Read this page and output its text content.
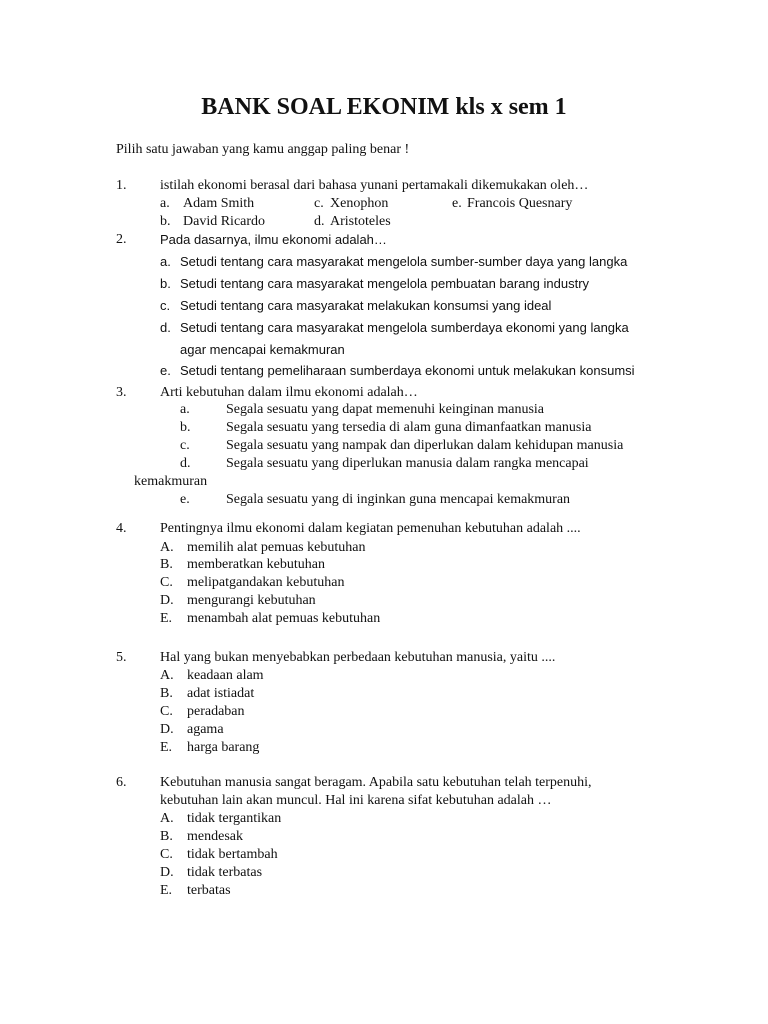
BANK SOAL EKONIM kls x sem 1
Pilih satu jawaban yang kamu anggap paling benar !
1. istilah ekonomi berasal dari bahasa yunani pertamakali dikemukakan oleh…
a. Adam Smith	c. Xenophon	e. Francois Quesnary
b. David Ricardo	d. Aristoteles
2.	Pada dasarnya, ilmu ekonomi adalah…
a. Setudi tentang cara masyarakat mengelola sumber-sumber daya yang langka
b. Setudi tentang cara masyarakat mengelola pembuatan barang industry
c. Setudi tentang cara masyarakat melakukan konsumsi yang ideal
d. Setudi tentang cara masyarakat mengelola sumberdaya ekonomi yang langka
agar mencapai kemakmuran
e. Setudi tentang pemeliharaan sumberdaya ekonomi untuk melakukan konsumsi
3. Arti kebutuhan dalam ilmu ekonomi adalah…
a.	Segala sesuatu yang dapat memenuhi keinginan manusia
b.	Segala sesuatu yang tersedia di alam guna dimanfaatkan manusia
c.	Segala sesuatu yang nampak dan diperlukan dalam kehidupan manusia
d.	Segala sesuatu yang diperlukan manusia dalam rangka mencapai
kemakmuran
e.	Segala sesuatu yang di inginkan guna mencapai kemakmuran
4. Pentingnya ilmu ekonomi dalam kegiatan pemenuhan kebutuhan adalah ....
A. memilih alat pemuas kebutuhan
B. memberatkan kebutuhan
C. melipatgandakan kebutuhan
D. mengurangi kebutuhan
E. menambah alat pemuas kebutuhan
5. Hal yang bukan menyebabkan perbedaan kebutuhan manusia, yaitu ....
A. keadaan alam
B. adat istiadat
C. peradaban
D. agama
E. harga barang
6. Kebutuhan manusia sangat beragam. Apabila satu kebutuhan telah terpenuhi,
kebutuhan lain akan muncul. Hal ini karena sifat kebutuhan adalah …
A. tidak tergantikan
B. mendesak
C. tidak bertambah
D. tidak terbatas
E. terbatas
